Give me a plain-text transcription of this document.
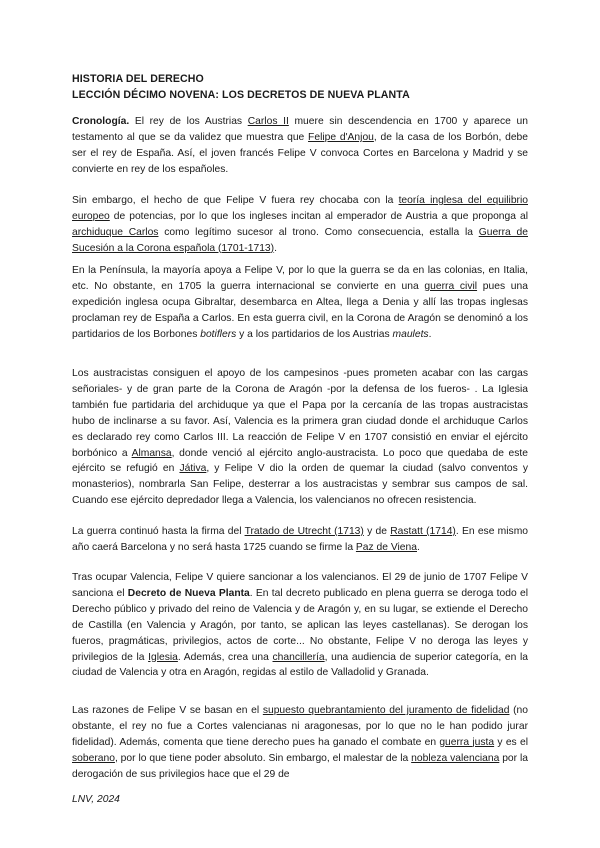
HISTORIA DEL DERECHO
LECCIÓN DÉCIMO NOVENA: LOS DECRETOS DE NUEVA PLANTA

Cronología. El rey de los Austrias Carlos II muere sin descendencia en 1700 y aparece un testamento al que se da validez que muestra que Felipe d'Anjou, de la casa de los Borbón, debe ser el rey de España. Así, el joven francés Felipe V convoca Cortes en Barcelona y Madrid y se convierte en rey de los españoles.

Sin embargo, el hecho de que Felipe V fuera rey chocaba con la teoría inglesa del equilibrio europeo de potencias, por lo que los ingleses incitan al emperador de Austria a que proponga al archiduque Carlos como legítimo sucesor al trono. Como consecuencia, estalla la Guerra de Sucesión a la Corona española (1701-1713).

En la Península, la mayoría apoya a Felipe V, por lo que la guerra se da en las colonias, en Italia, etc. No obstante, en 1705 la guerra internacional se convierte en una guerra civil pues una expedición inglesa ocupa Gibraltar, desembarca en Altea, llega a Denia y allí las tropas inglesas proclaman rey de España a Carlos. En esta guerra civil, en la Corona de Aragón se denominó a los partidarios de los Borbones botiflers y a los partidarios de los Austrias maulets.

Los austracistas consiguen el apoyo de los campesinos -pues prometen acabar con las cargas señoriales- y de gran parte de la Corona de Aragón -por la defensa de los fueros- . La Iglesia también fue partidaria del archiduque ya que el Papa por la cercanía de las tropas austracistas hubo de inclinarse a su favor. Así, Valencia es la primera gran ciudad donde el archiduque Carlos es declarado rey como Carlos III. La reacción de Felipe V en 1707 consistió en enviar el ejército borbónico a Almansa, donde venció al ejército anglo-austracista. Lo poco que quedaba de este ejército se refugió en Játiva, y Felipe V dio la orden de quemar la ciudad (salvo conventos y monasterios), nombrarla San Felipe, desterrar a los austracistas y sembrar sus campos de sal. Cuando ese ejército depredador llega a Valencia, los valencianos no ofrecen resistencia.

La guerra continuó hasta la firma del Tratado de Utrecht (1713) y de Rastatt (1714). En ese mismo año caerá Barcelona y no será hasta 1725 cuando se firme la Paz de Viena.

Tras ocupar Valencia, Felipe V quiere sancionar a los valencianos. El 29 de junio de 1707 Felipe V sanciona el Decreto de Nueva Planta. En tal decreto publicado en plena guerra se deroga todo el Derecho público y privado del reino de Valencia y de Aragón y, en su lugar, se extiende el Derecho de Castilla (en Valencia y Aragón, por tanto, se aplican las leyes castellanas). Se derogan los fueros, pragmáticas, privilegios, actos de corte... No obstante, Felipe V no deroga las leyes y privilegios de la Iglesia. Además, crea una chancillería, una audiencia de superior categoría, en la ciudad de Valencia y otra en Aragón, regidas al estilo de Valladolid y Granada.

Las razones de Felipe V se basan en el supuesto quebrantamiento del juramento de fidelidad (no obstante, el rey no fue a Cortes valencianas ni aragonesas, por lo que no le han podido jurar fidelidad). Además, comenta que tiene derecho pues ha ganado el combate en guerra justa y es el soberano, por lo que tiene poder absoluto. Sin embargo, el malestar de la nobleza valenciana por la derogación de sus privilegios hace que el 29 de

LNV, 2024
